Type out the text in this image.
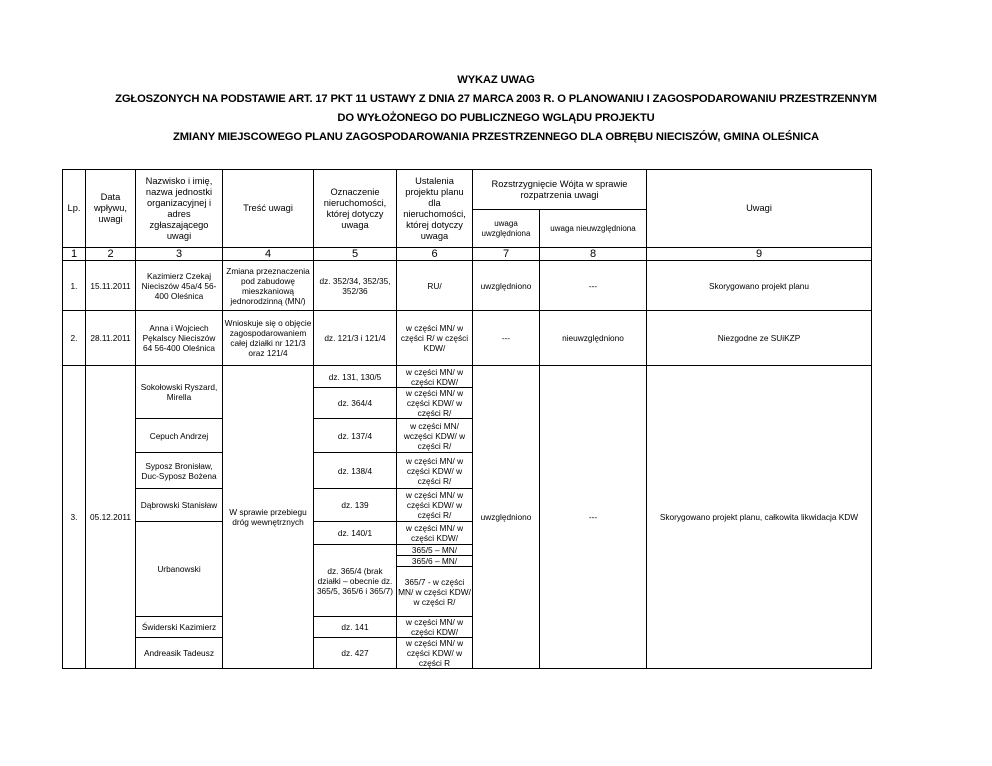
WYKAZ UWAG
ZGŁOSZONYCH NA PODSTAWIE ART. 17 PKT 11 USTAWY Z DNIA 27 MARCA 2003 R. O PLANOWANIU I ZAGOSPODAROWANIU PRZESTRZENNYM
DO WYŁOŻONEGO DO PUBLICZNEGO WGLĄDU PROJEKTU
ZMIANY MIEJSCOWEGO PLANU ZAGOSPODAROWANIA PRZESTRZENNEGO DLA OBRĘBU NIECISZÓW, GMINA OLEŚNICA
Lp.	Data wpływu, uwagi	Nazwisko i imię, nazwa jednostki organizacyjnej i adres zgłaszającego uwagi	Treść uwagi	Oznaczenie nieruchomości, której dotyczy uwaga	Ustalenia projektu planu dla nieruchomości, której dotyczy uwaga	Rozstrzygnięcie Wójta w sprawie rozpatrzenia uwagi		Uwagi
						uwaga uwzględniona	uwaga nieuwzględniona	
1	2	3	4	5	6	7	8	9
1.	15.11.2011	Kazimierz Czekaj Nieciszów 45a/4 56-400 Oleśnica	Zmiana przeznaczenia pod zabudowę mieszkaniową jednorodzinną (MN/)	dz. 352/34, 352/35, 352/36	RU/	uwzględniono	---	Skorygowano projekt planu
2.	28.11.2011	Anna i Wojciech Pękalscy Nieciszów 64 56-400 Oleśnica	Wnioskuje się o objęcie zagospodarowaniem całej działki nr 121/3 oraz 121/4	dz. 121/3 i 121/4	w części MN/ w części R/ w części KDW/	---	nieuwzględniono	Niezgodne ze SUiKZP
3.	05.12.2011	Sokołowski Ryszard, Mirella	W sprawie przebiegu dróg wewnętrznych	dz. 131, 130/5	w części MN/ w części KDW/	uwzględniono	---	Skorygowano projekt planu, całkowita likwidacja KDW
				dz. 364/4	w części MN/ w części KDW/ w części R/			
		Cepuch Andrzej		dz. 137/4	w części MN/ wczęści KDW/ w części R/			
		Syposz Bronisław, Duc-Syposz Bożena		dz. 138/4	w części MN/ w części KDW/ w części R/			
		Dąbrowski Stanisław		dz. 139	w części MN/ w części KDW/ w części R/			
		Urbanowski		dz. 140/1	w części MN/ w części KDW/			
				dz. 365/4 (brak działki – obecnie dz. 365/5, 365/6 i 365/7)	365/5 – MN/			
					365/6 – MN/			
					365/7 - w części MN/ w części KDW/ w części R/			
		Świderski Kazimierz		dz. 141	w części MN/ w części KDW/			
		Andreasik Tadeusz		dz. 427	w części MN/ w części KDW/ w części R			
